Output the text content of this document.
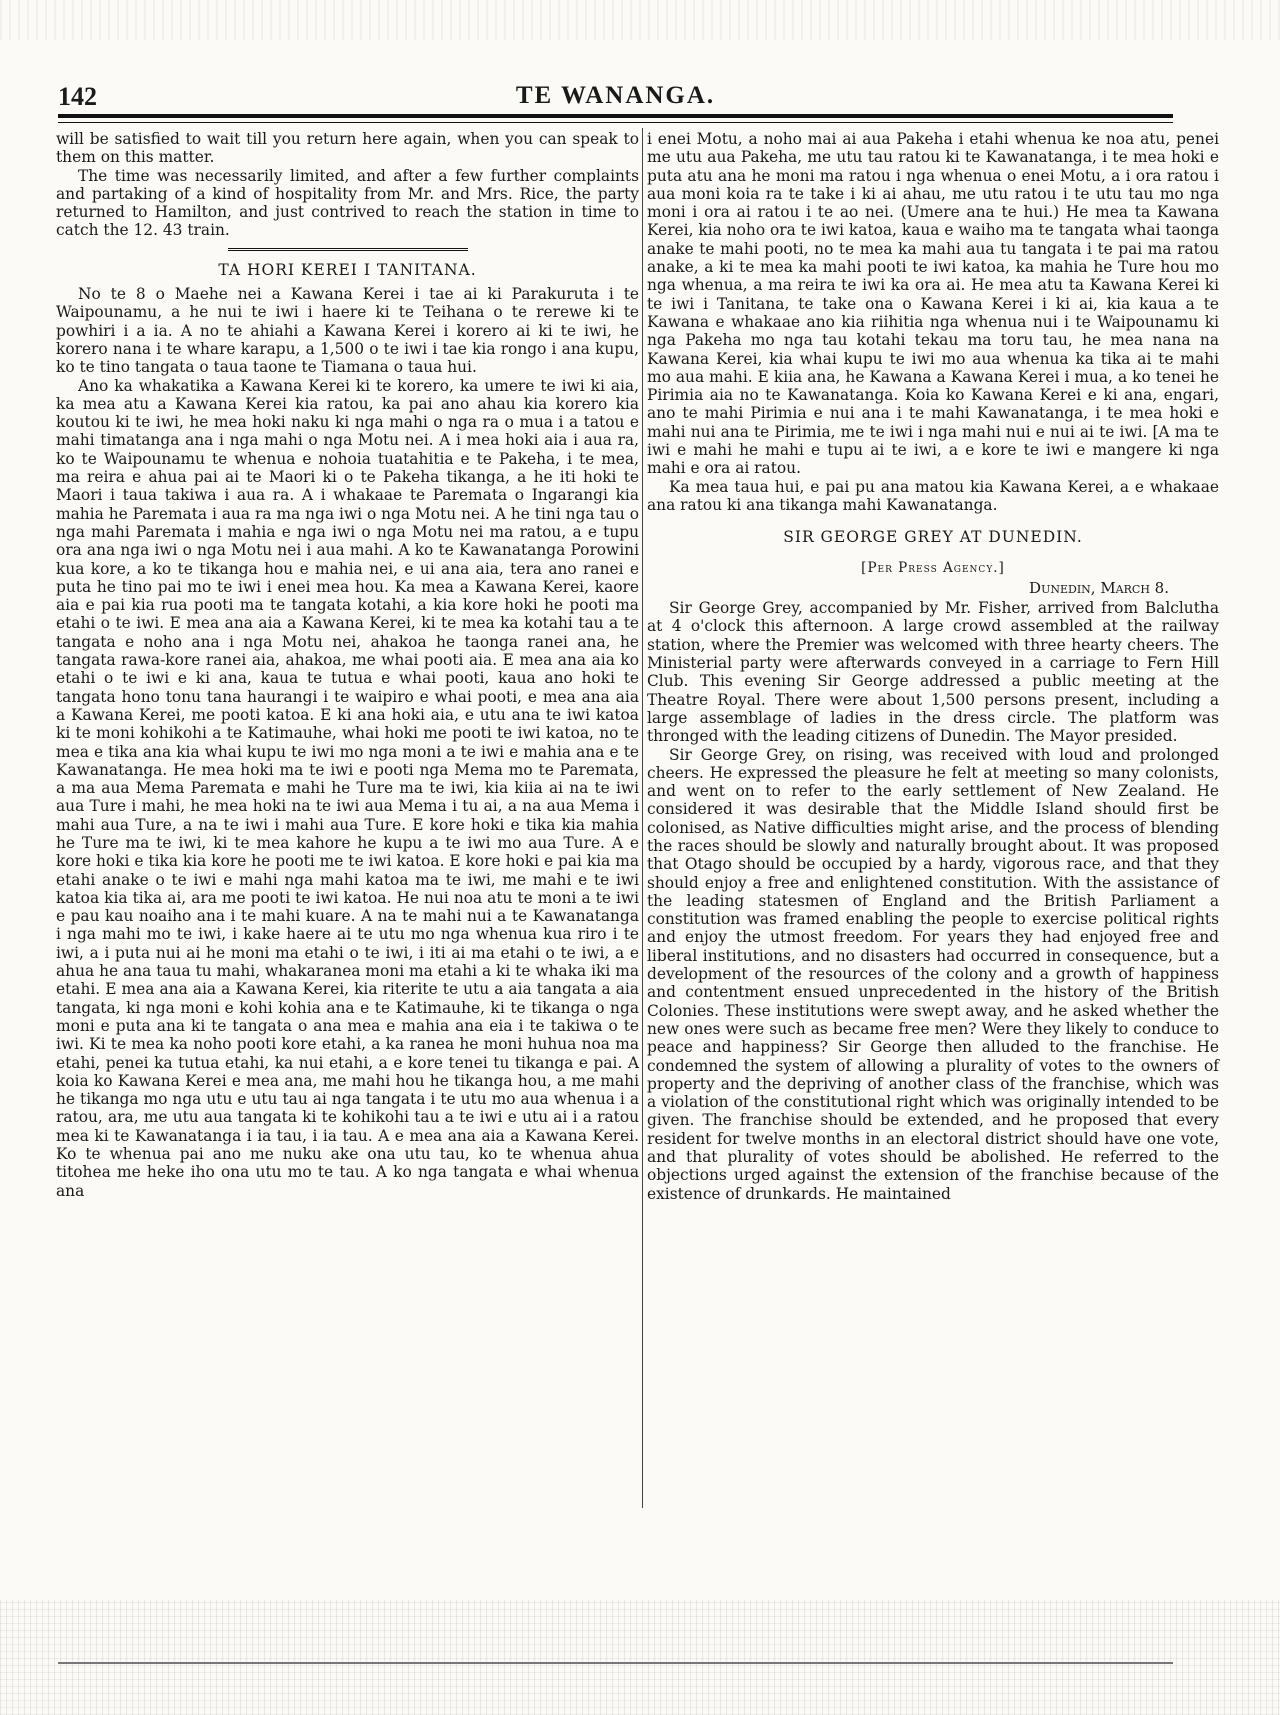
TE WANANGA.
142

will be satisfied to wait till you return here again, when you can speak to them on this matter.

The time was necessarily limited, and after a few further complaints and partaking of a kind of hospitality from Mr. and Mrs. Rice, the party returned to Hamilton, and just contrived to reach the station in time to catch the 12. 43 train.

TA HORI KEREI I TANITANA.

No te 8 o Maehe nei a Kawana Kerei i tae ai ki Parakuruta i te Waipounamu, a he nui te iwi i haere ki te Teihana o te rerewe ki te powhiri i a ia. A no te ahiahi a Kawana Kerei i korero ai ki te iwi, he korero nana i te whare karapu, a 1,500 o te iwi i tae kia rongo i ana kupu, ko te tino tangata o taua taone te Tiamana o taua hui.

Ano ka whakatika a Kawana Kerei ki te korero, ka umere te iwi ki aia, ka mea atu a Kawana Kerei kia ratou, ka pai ano ahau kia korero kia koutou ki te iwi, he mea hoki naku ki nga mahi o nga ra o mua i a tatou e mahi timatanga ana i nga mahi o nga Motu nei. A i mea hoki aia i aua ra, ko te Waipounamu te whenua e nohoia tuatahitia e te Pakeha, i te mea, ma reira e ahua pai ai te Maori ki o te Pakeha tikanga, a he iti hoki te Maori i taua takiwa i aua ra. A i whakaae te Paremata o Ingarangi kia mahia he Paremata i aua ra ma nga iwi o nga Motu nei. A he tini nga tau o nga mahi Paremata i mahia e nga iwi o nga Motu nei ma ratou, a e tupu ora ana nga iwi o nga Motu nei i aua mahi. A ko te Kawanatanga Porowini kua kore, a ko te tikanga hou e mahia nei, e ui ana aia, tera ano ranei e puta he tino pai mo te iwi i enei mea hou. Ka mea a Kawana Kerei, kaore aia e pai kia rua pooti ma te tangata kotahi, a kia kore hoki he pooti ma etahi o te iwi. E mea ana aia a Kawana Kerei, ki te mea ka kotahi tau a te tangata e noho ana i nga Motu nei, ahakoa he taonga ranei ana, he tangata rawa-kore ranei aia, ahakoa, me whai pooti aia. E mea ana aia ko etahi o te iwi e ki ana, kaua te tutua e whai pooti, kaua ano hoki te tangata hono tonu tana haurangi i te waipiro e whai pooti, e mea ana aia a Kawana Kerei, me pooti katoa. E ki ana hoki aia, e utu ana te iwi katoa ki te moni kohikohi a te Katimauhe, whai hoki me pooti te iwi katoa, no te mea e tika ana kia whai kupu te iwi mo nga moni a te iwi e mahia ana e te Kawanatanga. He mea hoki ma te iwi e pooti nga Mema mo te Paremata, a ma aua Mema Paremata e mahi he Ture ma te iwi, kia kiia ai na te iwi aua Ture i mahi, he mea hoki na te iwi aua Mema i tu ai, a na aua Mema i mahi aua Ture, a na te iwi i mahi aua Ture. E kore hoki e tika kia mahia he Ture ma te iwi, ki te mea kahore he kupu a te iwi mo aua Ture. A e kore hoki e tika kia kore he pooti me te iwi katoa. E kore hoki e pai kia ma etahi anake o te iwi e mahi nga mahi katoa ma te iwi, me mahi e te iwi katoa kia tika ai, ara me pooti te iwi katoa. He nui noa atu te moni a te iwi e pau kau noaiho ana i te mahi kuare. A na te mahi nui a te Kawanatanga i nga mahi mo te iwi, i kake haere ai te utu mo nga whenua kua riro i te iwi, a i puta nui ai he moni ma etahi o te iwi, i iti ai ma etahi o te iwi, a e ahua he ana taua tu mahi, whakaranea moni ma etahi a ki te whaka iki ma etahi. E mea ana aia a Kawana Kerei, kia riterite te utu a aia tangata a aia tangata, ki nga moni e kohi kohia ana e te Katimauhe, ki te tikanga o nga moni e puta ana ki te tangata o ana mea e mahia ana eia i te takiwa o te iwi. Ki te mea ka noho pooti kore etahi, a ka ranea he moni huhua noa ma etahi, penei ka tutua etahi, ka nui etahi, a e kore tenei tu tikanga e pai. A koia ko Kawana Kerei e mea ana, me mahi hou he tikanga hou, a me mahi he tikanga mo nga utu e utu tau ai nga tangata i te utu mo aua whenua i a ratou, ara, me utu aua tangata ki te kohikohi tau a te iwi e utu ai i a ratou mea ki te Kawanatanga i ia tau, i ia tau. A e mea ana aia a Kawana Kerei. Ko te whenua pai ano me nuku ake ona utu tau, ko te whenua ahua titohea me heke iho ona utu mo te tau. A ko nga tangata e whai whenua ana

i enei Motu, a noho mai ai aua Pakeha i etahi whenua ke noa atu, penei me utu aua Pakeha, me utu tau ratou ki te Kawanatanga, i te mea hoki e puta atu ana he moni ma ratou i nga whenua o enei Motu, a i ora ratou i aua moni koia ra te take i ki ai ahau, me utu ratou i te utu tau mo nga moni i ora ai ratou i te ao nei. (Umere ana te hui.) He mea ta Kawana Kerei, kia noho ora te iwi katoa, kaua e waiho ma te tangata whai taonga anake te mahi pooti, no te mea ka mahi aua tu tangata i te pai ma ratou anake, a ki te mea ka mahi pooti te iwi katoa, ka mahia he Ture hou mo nga whenua, a ma reira te iwi ka ora ai. He mea atu ta Kawana Kerei ki te iwi i Tanitana, te take ona o Kawana Kerei i ki ai, kia kaua a te Kawana e whakaae ano kia riihitia nga whenua nui i te Waipounamu ki nga Pakeha mo nga tau kotahi tekau ma toru tau, he mea nana na Kawana Kerei, kia whai kupu te iwi mo aua whenua ka tika ai te mahi mo aua mahi. E kiia ana, he Kawana a Kawana Kerei i mua, a ko tenei he Pirimia aia no te Kawanatanga. Koia ko Kawana Kerei e ki ana, engari, ano te mahi Pirimia e nui ana i te mahi Kawanatanga, i te mea hoki e mahi nui ana te Pirimia, me te iwi i nga mahi nui e nui ai te iwi. [A ma te iwi e mahi he mahi e tupu ai te iwi, a e kore te iwi e mangere ki nga mahi e ora ai ratou.

Ka mea taua hui, e pai pu ana matou kia Kawana Kerei, a e whakaae ana ratou ki ana tikanga mahi Kawanatanga.

SIR GEORGE GREY AT DUNEDIN.
[Per Press Agency.]
Dunedin, March 8.

Sir George Grey, accompanied by Mr. Fisher, arrived from Balclutha at 4 o'clock this afternoon. A large crowd assembled at the railway station, where the Premier was welcomed with three hearty cheers. The Ministerial party were afterwards conveyed in a carriage to Fern Hill Club. This evening Sir George addressed a public meeting at the Theatre Royal. There were about 1,500 persons present, including a large assemblage of ladies in the dress circle. The platform was thronged with the leading citizens of Dunedin. The Mayor presided.

Sir George Grey, on rising, was received with loud and prolonged cheers. He expressed the pleasure he felt at meeting so many colonists, and went on to refer to the early settlement of New Zealand. He considered it was desirable that the Middle Island should first be colonised, as Native difficulties might arise, and the process of blending the races should be slowly and naturally brought about. It was proposed that Otago should be occupied by a hardy, vigorous race, and that they should enjoy a free and enlightened constitution. With the assistance of the leading statesmen of England and the British Parliament a constitution was framed enabling the people to exercise political rights and enjoy the utmost freedom. For years they had enjoyed free and liberal institutions, and no disasters had occurred in consequence, but a development of the resources of the colony and a growth of happiness and contentment ensued unprecedented in the history of the British Colonies. These institutions were swept away, and he asked whether the new ones were such as became free men? Were they likely to conduce to peace and happiness? Sir George then alluded to the franchise. He condemned the system of allowing a plurality of votes to the owners of property and the depriving of another class of the franchise, which was a violation of the constitutional right which was originally intended to be given. The franchise should be extended, and he proposed that every resident for twelve months in an electoral district should have one vote, and that plurality of votes should be abolished. He referred to the objections urged against the extension of the franchise because of the existence of drunkards. He maintained
